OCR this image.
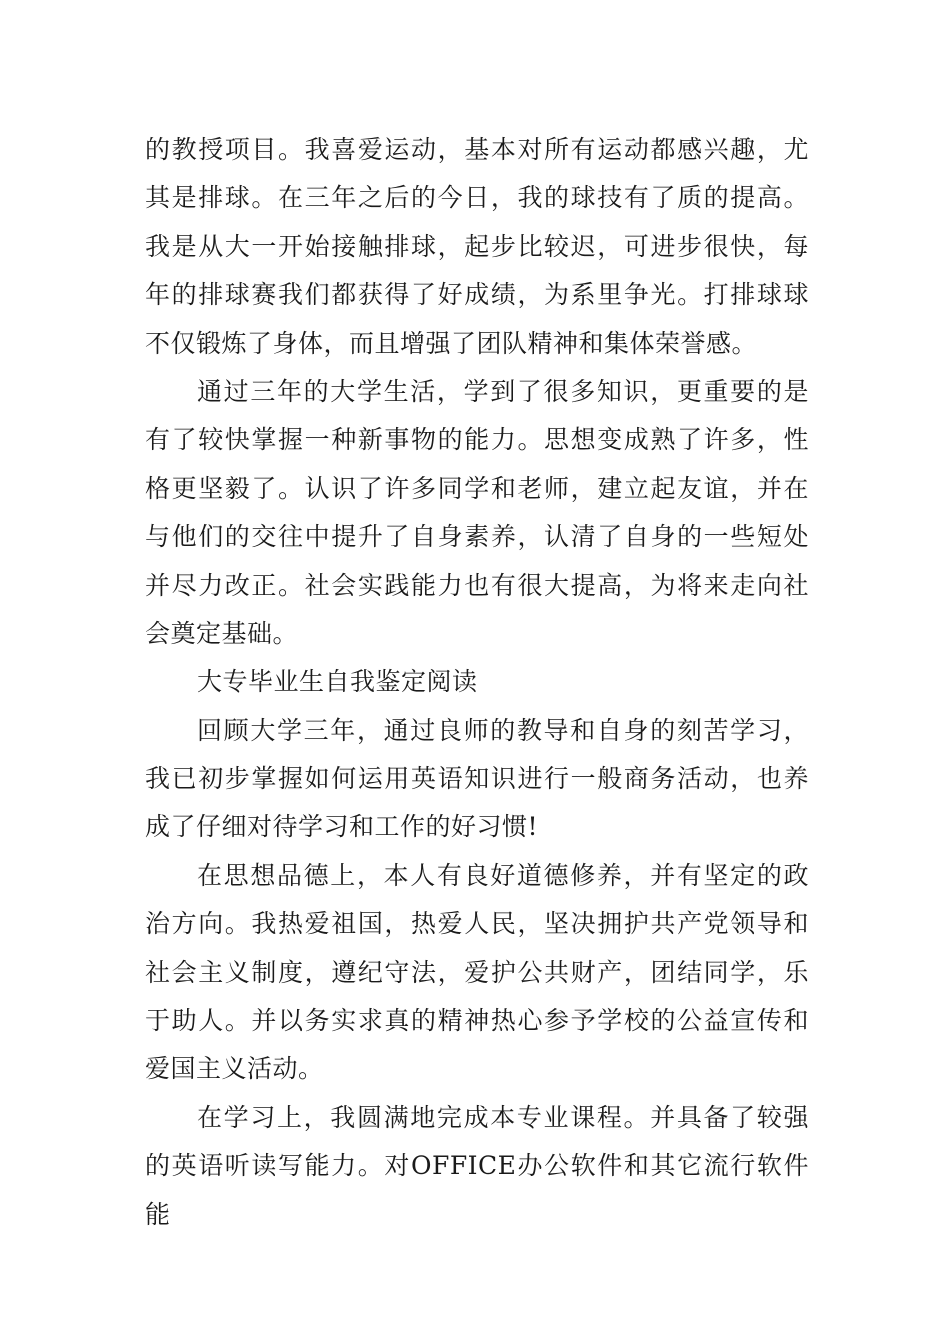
的教授项目。我喜爱运动，基本对所有运动都感兴趣，尤
其是排球。在三年之后的今日，我的球技有了质的提高。
我是从大一开始接触排球，起步比较迟，可进步很快，每
年的排球赛我们都获得了好成绩，为系里争光。打排球球
不仅锻炼了身体，而且增强了团队精神和集体荣誉感。
通过三年的大学生活，学到了很多知识，更重要的是
有了较快掌握一种新事物的能力。思想变成熟了许多，性
格更坚毅了。认识了许多同学和老师，建立起友谊，并在
与他们的交往中提升了自身素养，认清了自身的一些短处
并尽力改正。社会实践能力也有很大提高，为将来走向社
会奠定基础。
大专毕业生自我鉴定阅读
回顾大学三年，通过良师的教导和自身的刻苦学习，
我已初步掌握如何运用英语知识进行一般商务活动，也养
成了仔细对待学习和工作的好习惯!
在思想品德上，本人有良好道德修养，并有坚定的政
治方向。我热爱祖国，热爱人民，坚决拥护共产党领导和
社会主义制度，遵纪守法，爱护公共财产，团结同学，乐
于助人。并以务实求真的精神热心参予学校的公益宣传和
爱国主义活动。
在学习上，我圆满地完成本专业课程。并具备了较强
的英语听读写能力。对OFFICE办公软件和其它流行软件能
